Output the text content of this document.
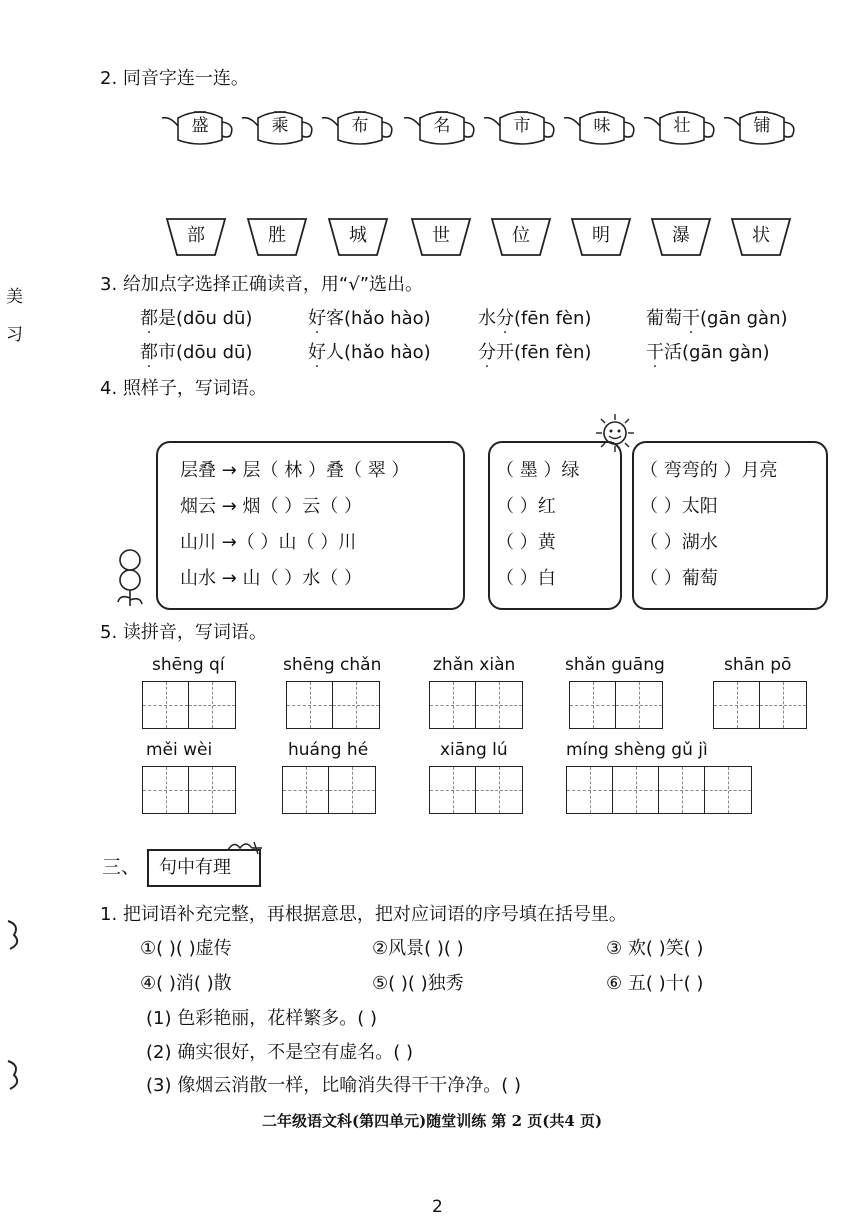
美
习
2. 同音字连一连。
盛	乘	布	名	市	味	壮	铺
部	胜	城	世	位	明	瀑	状
3. 给加点字选择正确读音，用“√”选出。
都是(dōu dū)	好客(hǎo hào)	水分(fēn fèn)	葡萄干(gān gàn)
都市(dōu dū)	好人(hǎo hào)	分开(fēn fèn)	干活(gān gàn)
4. 照样子，写词语。
层叠 → 层（ 林 ）叠（ 翠 ）
烟云 → 烟（ ）云（ ）
山川 →（ ）山（ ）川
山水 → 山（ ）水（ ）
（ 墨 ）绿
（ ）红
（ ）黄
（ ）白
（ 弯弯的 ）月亮
（ ）太阳
（ ）湖水
（ ）葡萄
5. 读拼音，写词语。
shēng qí	shēng chǎn	zhǎn xiàn	shǎn guāng	shān pō
měi wèi	huáng hé	xiāng lú	míng shèng gǔ jì
三、 句中有理
1. 把词语补充完整，再根据意思，把对应词语的序号填在括号里。
①( )( )虚传	②风景( )( )	③ 欢( )笑( )
④( )消( )散	⑤( )( )独秀	⑥ 五( )十( )
(1) 色彩艳丽，花样繁多。( )
(2) 确实很好，不是空有虚名。( )
(3) 像烟云消散一样，比喻消失得干干净净。( )
二年级语文科(第四单元)随堂训练 第 2 页(共4 页)
2
